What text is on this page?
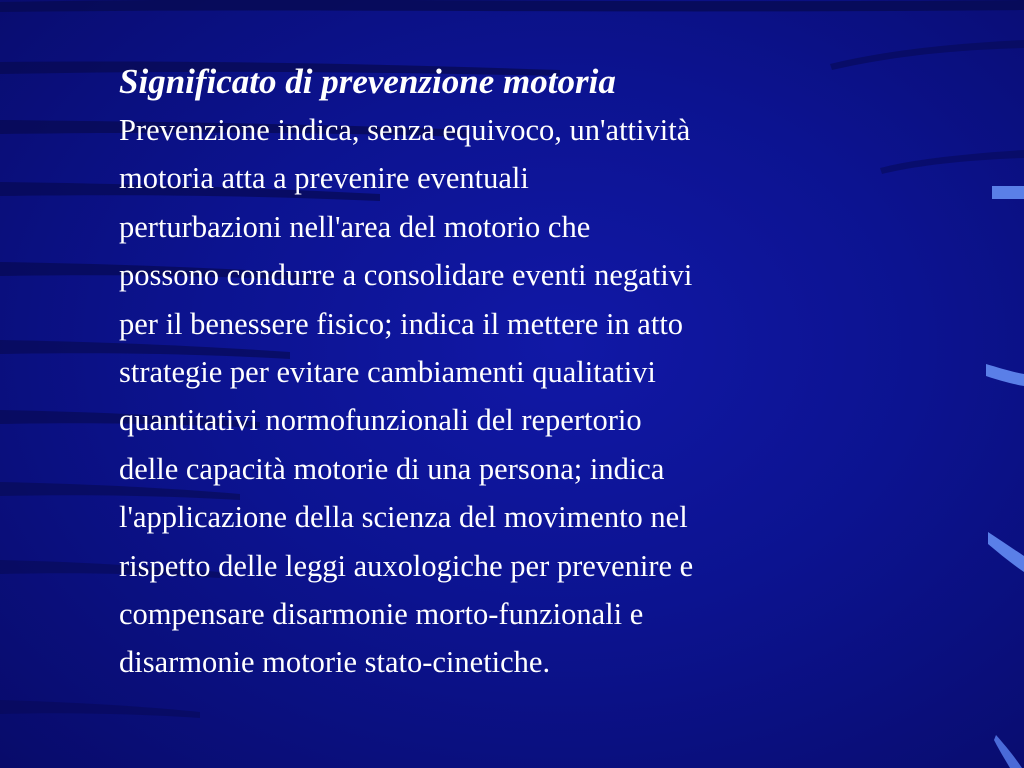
Significato di prevenzione motoria
Prevenzione indica, senza equivoco, un'attività
motoria atta a prevenire eventuali
perturbazioni nell'area del motorio che
possono condurre a consolidare eventi negativi
per il benessere fisico; indica il mettere in atto
strategie per evitare cambiamenti qualitativi
quantitativi normofunzionali del repertorio
delle capacità motorie di una persona; indica
l'applicazione della scienza del movimento nel
rispetto delle leggi auxologiche per prevenire e
compensare disarmonie morto-funzionali e
disarmonie motorie stato-cinetiche.
